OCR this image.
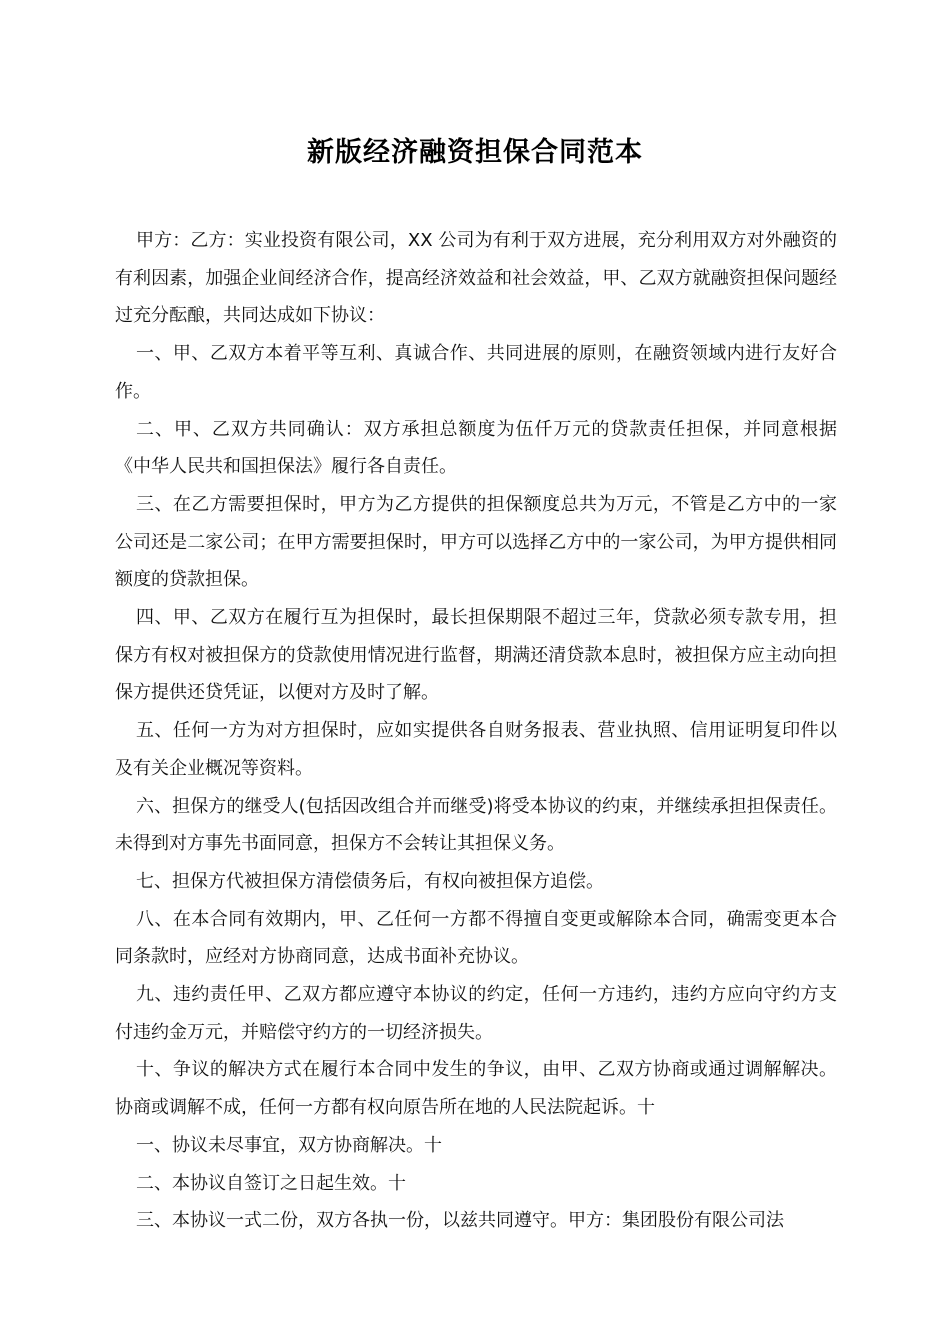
新版经济融资担保合同范本

甲方：乙方：实业投资有限公司，XX 公司为有利于双方进展，充分利用双方对外融资的有利因素，加强企业间经济合作，提高经济效益和社会效益，甲、乙双方就融资担保问题经过充分酝酿，共同达成如下协议：

一、甲、乙双方本着平等互利、真诚合作、共同进展的原则，在融资领域内进行友好合作。

二、甲、乙双方共同确认：双方承担总额度为伍仟万元的贷款责任担保，并同意根据《中华人民共和国担保法》履行各自责任。

三、在乙方需要担保时，甲方为乙方提供的担保额度总共为万元，不管是乙方中的一家公司还是二家公司；在甲方需要担保时，甲方可以选择乙方中的一家公司，为甲方提供相同额度的贷款担保。

四、甲、乙双方在履行互为担保时，最长担保期限不超过三年，贷款必须专款专用，担保方有权对被担保方的贷款使用情况进行监督，期满还清贷款本息时，被担保方应主动向担保方提供还贷凭证，以便对方及时了解。

五、任何一方为对方担保时，应如实提供各自财务报表、营业执照、信用证明复印件以及有关企业概况等资料。

六、担保方的继受人(包括因改组合并而继受)将受本协议的约束，并继续承担担保责任。未得到对方事先书面同意，担保方不会转让其担保义务。

七、担保方代被担保方清偿债务后，有权向被担保方追偿。

八、在本合同有效期内，甲、乙任何一方都不得擅自变更或解除本合同，确需变更本合同条款时，应经对方协商同意，达成书面补充协议。

九、违约责任甲、乙双方都应遵守本协议的约定，任何一方违约，违约方应向守约方支付违约金万元，并赔偿守约方的一切经济损失。

十、争议的解决方式在履行本合同中发生的争议，由甲、乙双方协商或通过调解解决。协商或调解不成，任何一方都有权向原告所在地的人民法院起诉。十

一、协议未尽事宜，双方协商解决。十

二、本协议自签订之日起生效。十

三、本协议一式二份，双方各执一份，以兹共同遵守。甲方：集团股份有限公司法
